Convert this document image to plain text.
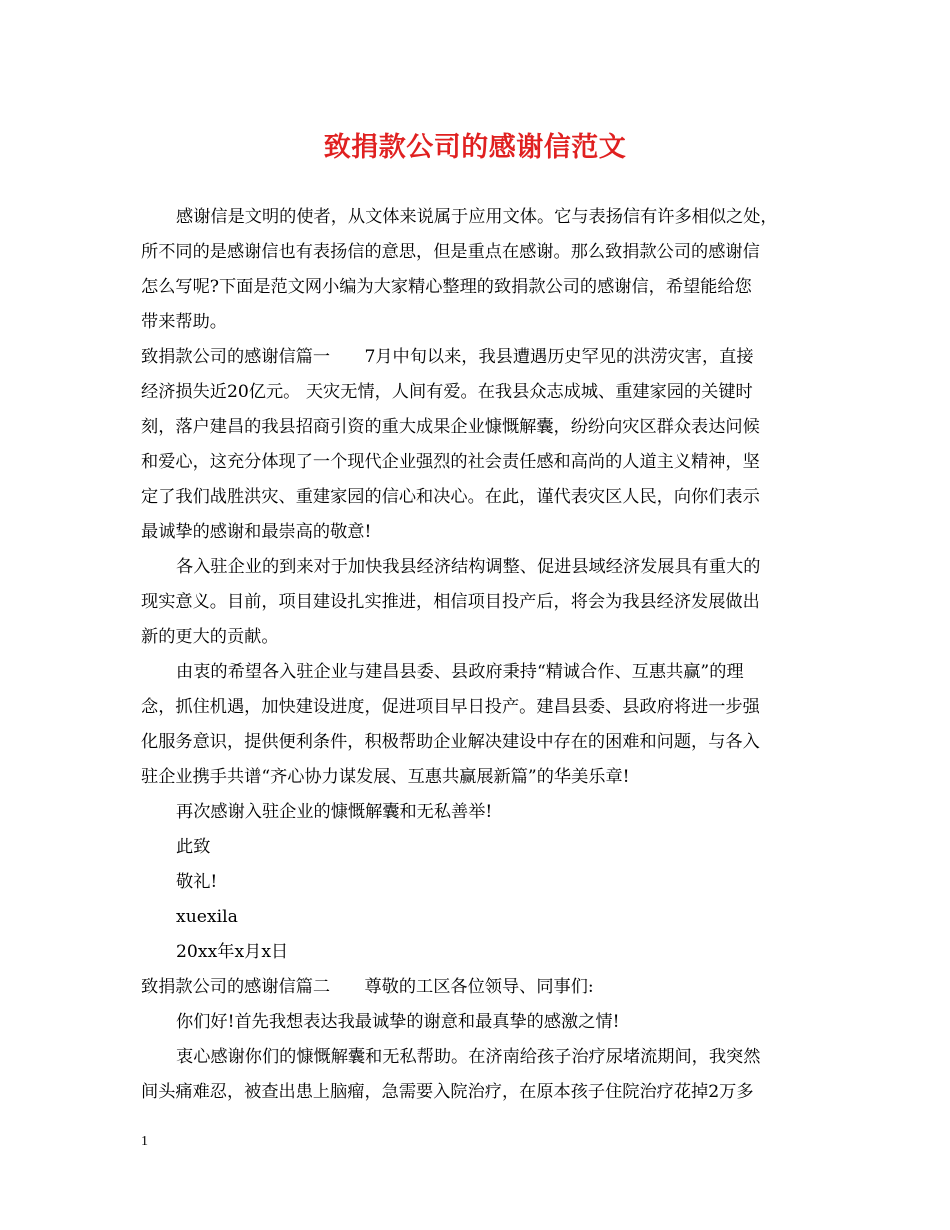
致捐款公司的感谢信范文
感谢信是文明的使者，从文体来说属于应用文体。它与表扬信有许多相似之处，
所不同的是感谢信也有表扬信的意思，但是重点在感谢。那么致捐款公司的感谢信
怎么写呢?下面是范文网小编为大家精心整理的致捐款公司的感谢信，希望能给您
带来帮助。
致捐款公司的感谢信篇一　　7月中旬以来，我县遭遇历史罕见的洪涝灾害，直接
经济损失近20亿元。 天灾无情，人间有爱。在我县众志成城、重建家园的关键时
刻，落户建昌的我县招商引资的重大成果企业慷慨解囊，纷纷向灾区群众表达问候
和爱心，这充分体现了一个现代企业强烈的社会责任感和高尚的人道主义精神，坚
定了我们战胜洪灾、重建家园的信心和决心。在此，谨代表灾区人民，向你们表示
最诚挚的感谢和最崇高的敬意!
各入驻企业的到来对于加快我县经济结构调整、促进县域经济发展具有重大的
现实意义。目前，项目建设扎实推进，相信项目投产后，将会为我县经济发展做出
新的更大的贡献。
由衷的希望各入驻企业与建昌县委、县政府秉持“精诚合作、互惠共赢”的理
念，抓住机遇，加快建设进度，促进项目早日投产。建昌县委、县政府将进一步强
化服务意识，提供便利条件，积极帮助企业解决建设中存在的困难和问题，与各入
驻企业携手共谱“齐心协力谋发展、互惠共赢展新篇”的华美乐章!
再次感谢入驻企业的慷慨解囊和无私善举!
此致
敬礼!
xuexila
20xx年x月x日
致捐款公司的感谢信篇二　　尊敬的工区各位领导、同事们:
你们好!首先我想表达我最诚挚的谢意和最真挚的感激之情!
衷心感谢你们的慷慨解囊和无私帮助。在济南给孩子治疗尿堵流期间，我突然
间头痛难忍，被查出患上脑瘤，急需要入院治疗，在原本孩子住院治疗花掉2万多
1
